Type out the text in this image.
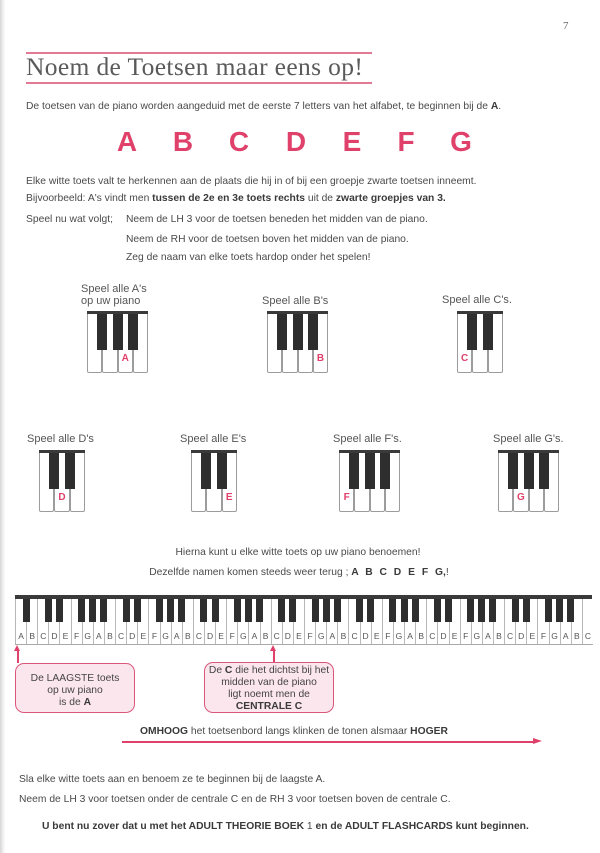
7
Noem de Toetsen maar eens op!
De toetsen van de piano worden aangeduid met de eerste 7 letters van het alfabet, te beginnen bij de A.
A B C D E F G
Elke witte toets valt te herkennen aan de plaats die hij in of bij een groepje zwarte toetsen inneemt.
Bijvoorbeeld: A's vindt men tussen de 2e en 3e toets rechts uit de zwarte groepjes van 3.
Speel nu wat volgt; Neem de LH 3 voor de toetsen beneden het midden van de piano.
Neem de RH voor de toetsen boven het midden van de piano.
Zeg de naam van elke toets hardop onder het spelen!
Speel alle A's
op uw piano	Speel alle B's	Speel alle C's.
Speel alle D's	Speel alle E's	Speel alle F's.	Speel alle G's.
A	B	C
D	E	F	G
Hierna kunt u elke witte toets op uw piano benoemen!
Dezelfde namen komen steeds weer terug ; A B C D E F G,!
A B C D E F G A B C D E F G A B C D E F G A B C D E F G A B C D E F G A B C D E F G A B C D E F G A B C
De LAAGSTE toets
op uw piano
is de A
De C die het dichtst bij het
midden van de piano
ligt noemt men de
CENTRALE C
OMHOOG het toetsenbord langs klinken de tonen alsmaar HOGER
Sla elke witte toets aan en benoem ze te beginnen bij de laagste A.
Neem de LH 3 voor toetsen onder de centrale C en de RH 3 voor toetsen boven de centrale C.
U bent nu zover dat u met het ADULT THEORIE BOEK 1 en de ADULT FLASHCARDS kunt beginnen.
